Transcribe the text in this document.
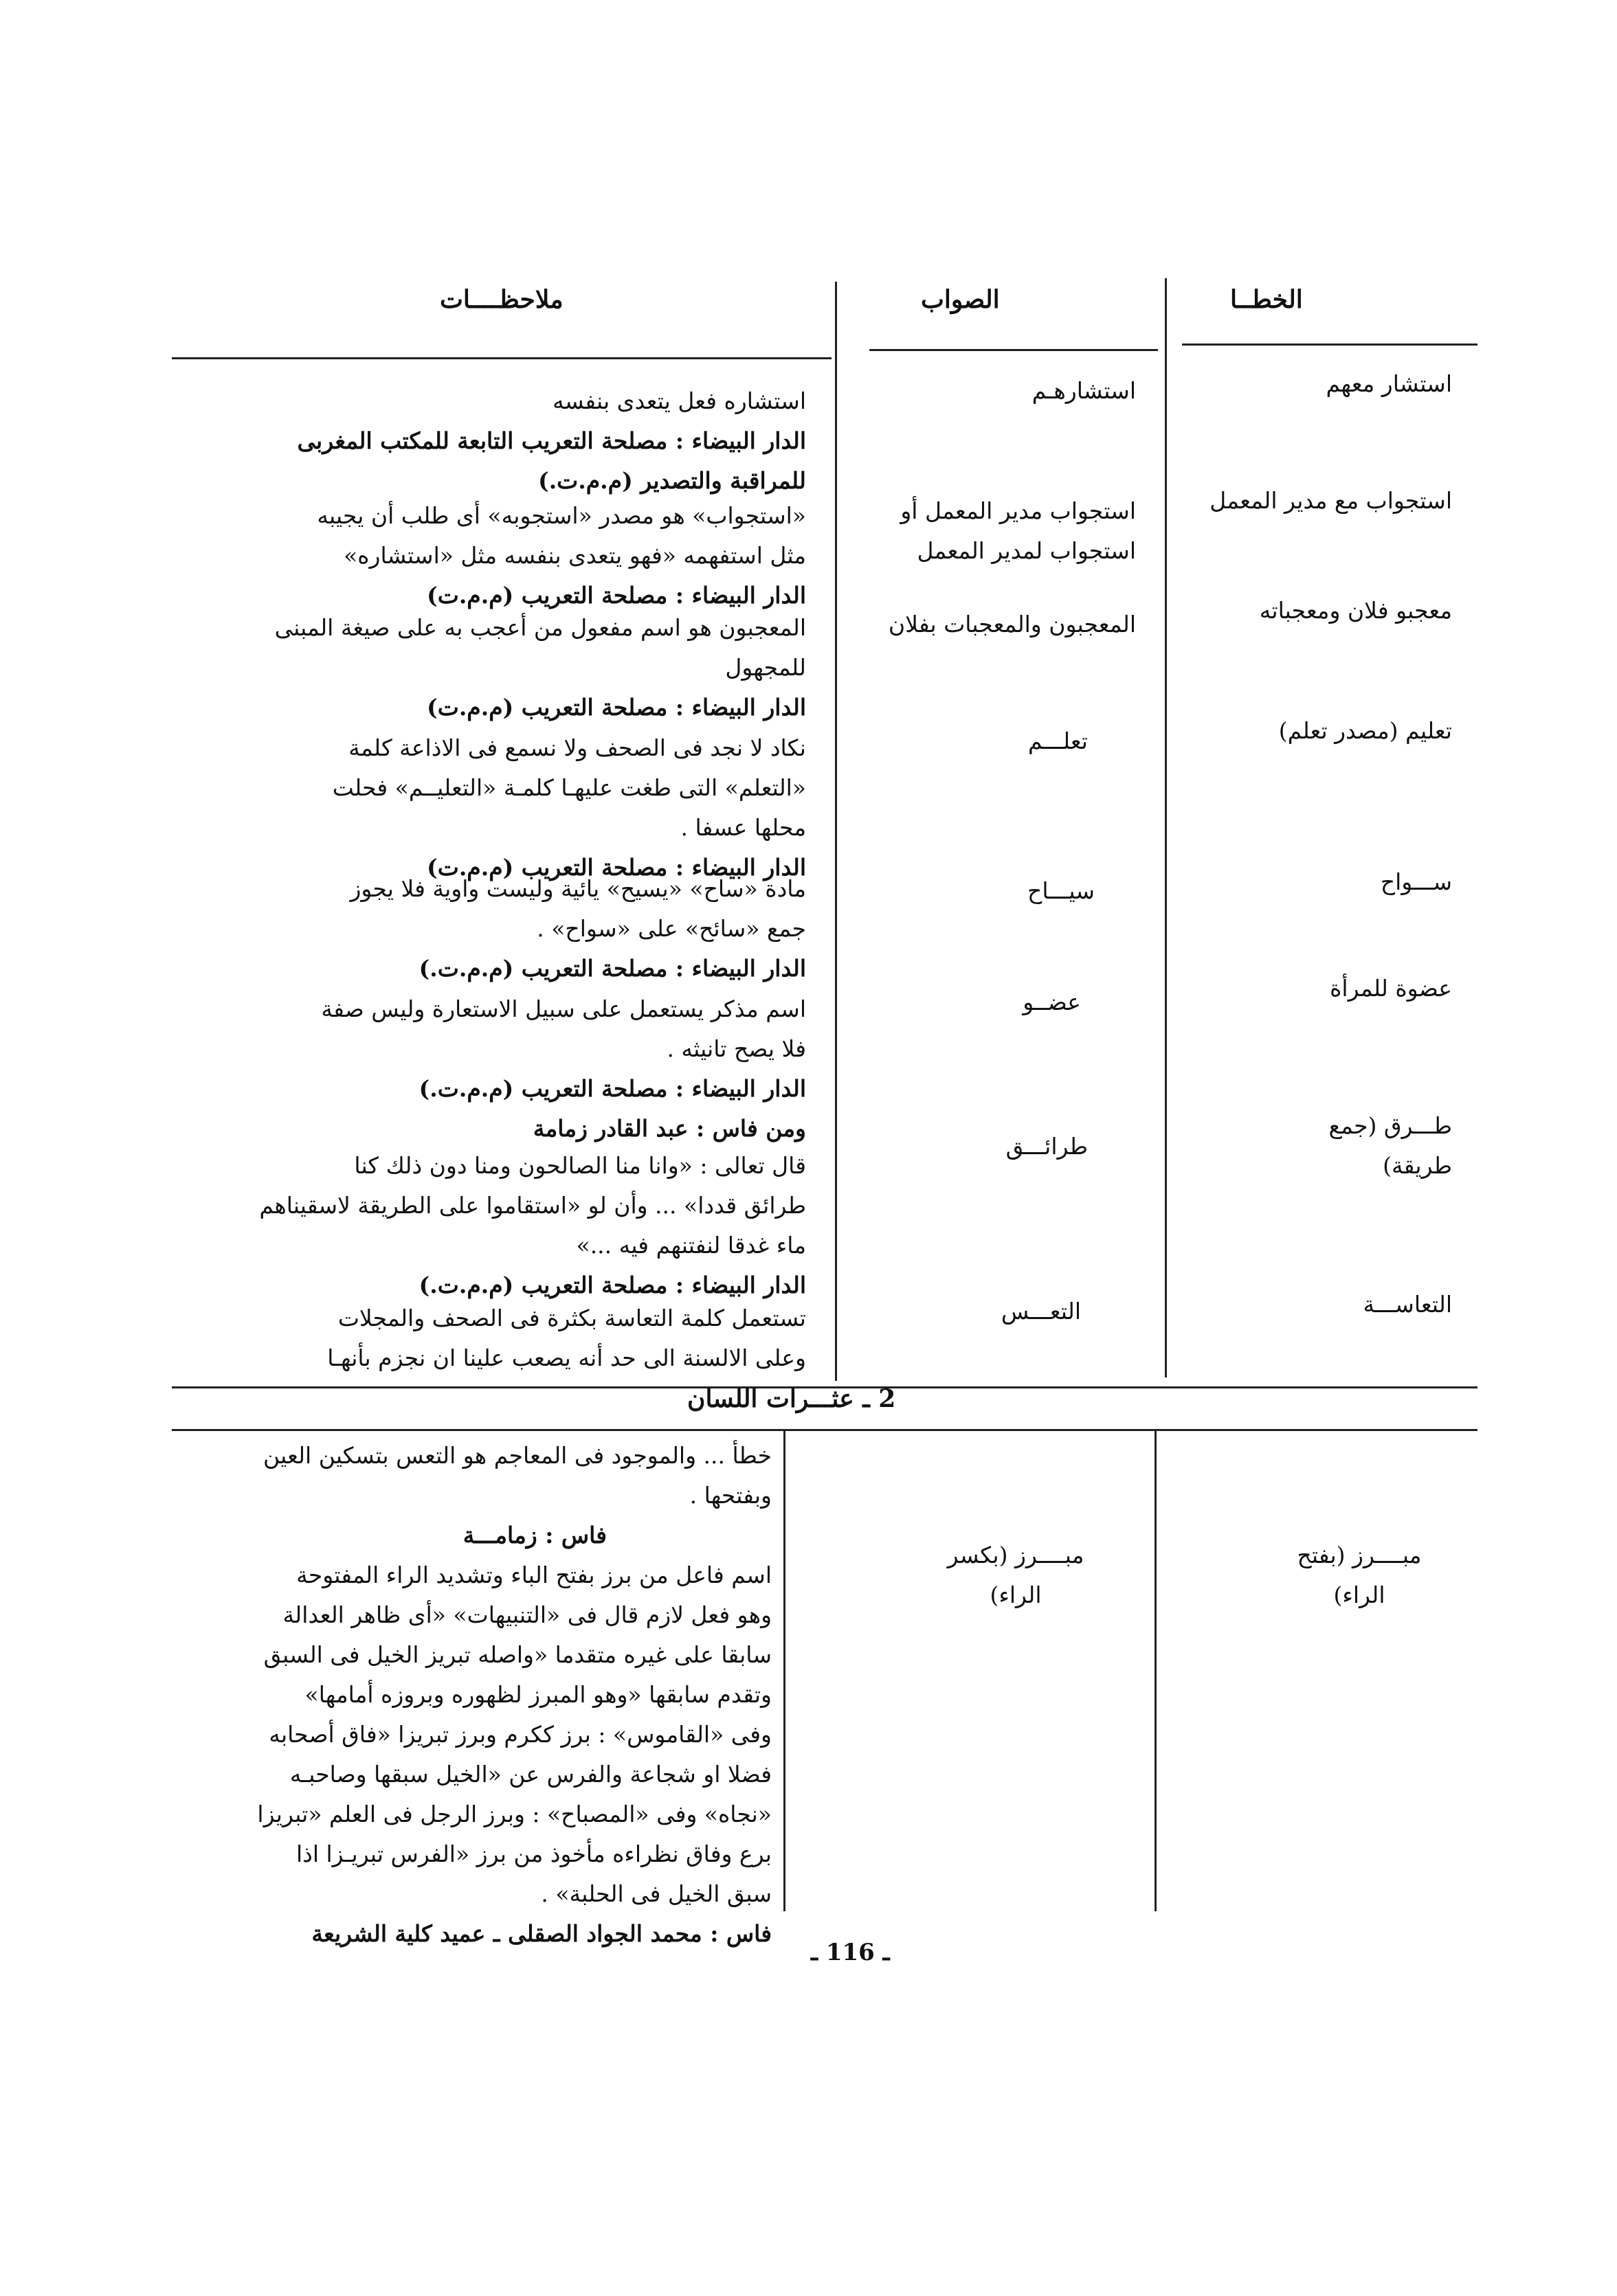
الخطــا
الصواب
ملاحظــــات
استشار معهم
استشارهـم

استشاره فعل يتعدى بنفسه

الدار البيضاء : مصلحة التعريب التابعة للمكتب المغربى

للمراقبة والتصدير (م.م.ت.)

استجواب مع مدير المعمل
استجواب مدير المعمل أو استجواب لمدير المعمل

«استجواب» هو مصدر «استجوبه» أى طلب أن يجيبه

مثل استفهمه «فهو يتعدى بنفسه مثل «استشاره»

الدار البيضاء : مصلحة التعريب (م.م.ت)

معجبو فلان ومعجباته
المعجبون والمعجبات بفلان

المعجبون هو اسم مفعول من أعجب به على صيغة المبنى

للمجهول

الدار البيضاء : مصلحة التعريب (م.م.ت)

تعليم (مصدر تعلم)
تعلـــم

نكاد لا نجد فى الصحف ولا نسمع فى الاذاعة كلمة

«التعلم» التى طغت عليهـا كلمـة «التعليــم» فحلت

محلها عسفا .

الدار البيضاء : مصلحة التعريب (م.م.ت)

ســـواح
سيـــاح

مادة «ساح» «يسيح» يائية وليست واوية فلا يجوز

جمع «سائح» على «سواح» .

الدار البيضاء : مصلحة التعريب (م.م.ت.)

عضوة للمرأة
عضــو

اسم مذكر يستعمل على سبيل الاستعارة وليس صفة

فلا يصح تانيثه .

الدار البيضاء : مصلحة التعريب (م.م.ت.)

ومن فاس : عبد القادر زمامة	طـــرق (جمع طريقة)
طرائـــق

قال تعالى : «وانا منا الصالحون ومنا دون ذلك كنا

طرائق قددا» ... وأن لو «استقاموا على الطريقة لاسقيناهم

ماء غدقا لنفتنهم فيه ...»

الدار البيضاء : مصلحة التعريب (م.م.ت.)

التعاســـة
التعـــس

تستعمل كلمة التعاسة بكثرة فى الصحف والمجلات

وعلى الالسنة الى حد أنه يصعب علينا ان نجزم بأنهـا

2 ـ عثـــرات اللسان
مبــــرز (بفتح الراء)
مبــــرز (بكسر الراء)

خطأ ... والموجود فى المعاجم هو التعس بتسكين العين

وبفتحها .

فاس : زمامـــة

اسم فاعل من برز بفتح الباء وتشديد الراء المفتوحة

وهو فعل لازم قال فى «التنبيهات» «أى ظاهر العدالة

سابقا على غيره متقدما «واصله تبريز الخيل فى السبق

وتقدم سابقها «وهو المبرز لظهوره وبروزه أمامها»

وفى «القاموس» : برز ككرم وبرز تبريزا «فاق أصحابه

فضلا او شجاعة والفرس عن «الخيل سبقها وصاحبـه

«نجاه» وفى «المصباح» : وبرز الرجل فى العلم «تبريزا

برع وفاق نظراءه مأخوذ من برز «الفرس تبريـزا اذا

سبق الخيل فى الحلبة» .

فاس : محمد الجواد الصقلى ـ عميد كلية الشريعة

ـ 116 ـ
